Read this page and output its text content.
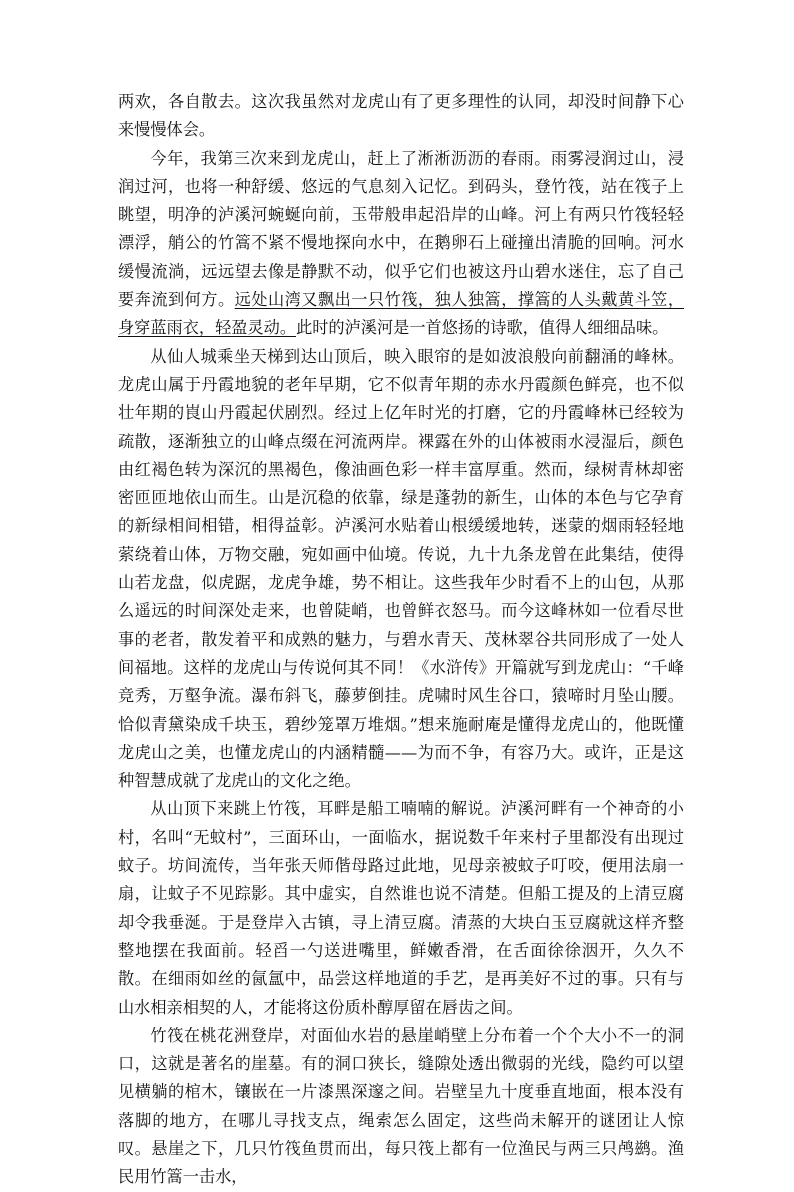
两欢，各自散去。这次我虽然对龙虎山有了更多理性的认同，却没时间静下心来慢慢体会。

今年，我第三次来到龙虎山，赶上了淅淅沥沥的春雨。雨雾浸润过山，浸润过河，也将一种舒缓、悠远的气息刻入记忆。到码头，登竹筏，站在筏子上眺望，明净的泸溪河蜿蜒向前，玉带般串起沿岸的山峰。河上有两只竹筏轻轻漂浮，艄公的竹篙不紧不慢地探向水中，在鹅卵石上碰撞出清脆的回响。河水缓慢流淌，远远望去像是静默不动，似乎它们也被这丹山碧水迷住，忘了自己要奔流到何方。远处山湾又飘出一只竹筏，独人独篙，撑篙的人头戴黄斗笠，身穿蓝雨衣，轻盈灵动。此时的泸溪河是一首悠扬的诗歌，值得人细细品味。

从仙人城乘坐天梯到达山顶后，映入眼帘的是如波浪般向前翻涌的峰林。龙虎山属于丹霞地貌的老年早期，它不似青年期的赤水丹霞颜色鲜亮，也不似壮年期的崀山丹霞起伏剧烈。经过上亿年时光的打磨，它的丹霞峰林已经较为疏散，逐渐独立的山峰点缀在河流两岸。裸露在外的山体被雨水浸湿后，颜色由红褐色转为深沉的黑褐色，像油画色彩一样丰富厚重。然而，绿树青林却密密匝匝地依山而生。山是沉稳的依靠，绿是蓬勃的新生，山体的本色与它孕育的新绿相间相错，相得益彰。泸溪河水贴着山根缓缓地转，迷蒙的烟雨轻轻地萦绕着山体，万物交融，宛如画中仙境。传说，九十九条龙曾在此集结，使得山若龙盘，似虎踞，龙虎争雄，势不相让。这些我年少时看不上的山包，从那么遥远的时间深处走来，也曾陡峭，也曾鲜衣怒马。而今这峰林如一位看尽世事的老者，散发着平和成熟的魅力，与碧水青天、茂林翠谷共同形成了一处人间福地。这样的龙虎山与传说何其不同！《水浒传》开篇就写到龙虎山：“千峰竞秀，万壑争流。瀑布斜飞，藤萝倒挂。虎啸时风生谷口，猿啼时月坠山腰。恰似青黛染成千块玉，碧纱笼罩万堆烟。”想来施耐庵是懂得龙虎山的，他既懂龙虎山之美，也懂龙虎山的内涵精髓——为而不争，有容乃大。或许，正是这种智慧成就了龙虎山的文化之绝。

从山顶下来跳上竹筏，耳畔是船工喃喃的解说。泸溪河畔有一个神奇的小村，名叫“无蚊村”，三面环山，一面临水，据说数千年来村子里都没有出现过蚊子。坊间流传，当年张天师偕母路过此地，见母亲被蚊子叮咬，便用法扇一扇，让蚊子不见踪影。其中虚实，自然谁也说不清楚。但船工提及的上清豆腐却令我垂涎。于是登岸入古镇，寻上清豆腐。清蒸的大块白玉豆腐就这样齐整整地摆在我面前。轻舀一勺送进嘴里，鲜嫩香滑，在舌面徐徐洇开，久久不散。在细雨如丝的氤氲中，品尝这样地道的手艺，是再美好不过的事。只有与山水相亲相契的人，才能将这份质朴醇厚留在唇齿之间。

竹筏在桃花洲登岸，对面仙水岩的悬崖峭壁上分布着一个个大小不一的洞口，这就是著名的崖墓。有的洞口狭长，缝隙处透出微弱的光线，隐约可以望见横躺的棺木，镶嵌在一片漆黑深邃之间。岩壁呈九十度垂直地面，根本没有落脚的地方，在哪儿寻找支点，绳索怎么固定，这些尚未解开的谜团让人惊叹。悬崖之下，几只竹筏鱼贯而出，每只筏上都有一位渔民与两三只鸬鹚。渔民用竹篙一击水，
